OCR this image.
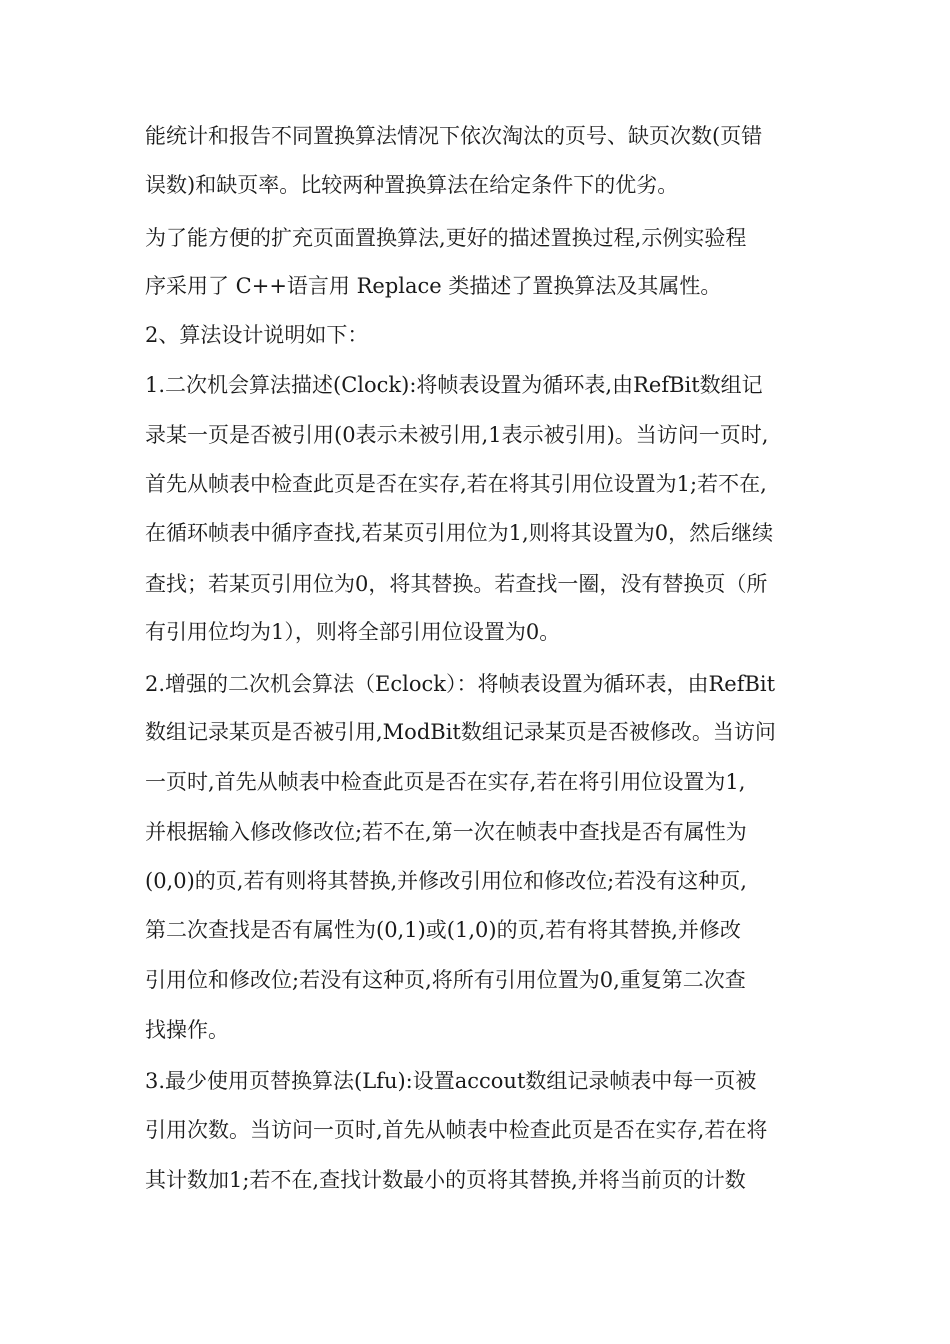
能统计和报告不同置换算法情况下依次淘汰的页号、缺页次数(页错
误数)和缺页率。比较两种置换算法在给定条件下的优劣。
为了能方便的扩充页面置换算法,更好的描述置换过程,示例实验程
序采用了 C++语言用 Replace 类描述了置换算法及其属性。
2、算法设计说明如下：
1.二次机会算法描述(Clock):将帧表设置为循环表,由RefBit数组记
录某一页是否被引用(0表示未被引用,1表示被引用)。当访问一页时,
首先从帧表中检查此页是否在实存,若在将其引用位设置为1;若不在,
在循环帧表中循序查找,若某页引用位为1,则将其设置为0，然后继续
查找；若某页引用位为0，将其替换。若查找一圈，没有替换页（所
有引用位均为1），则将全部引用位设置为0。
2.增强的二次机会算法（Eclock）：将帧表设置为循环表，由RefBit
数组记录某页是否被引用,ModBit数组记录某页是否被修改。当访问
一页时,首先从帧表中检查此页是否在实存,若在将引用位设置为1,
并根据输入修改修改位;若不在,第一次在帧表中查找是否有属性为
(0,0)的页,若有则将其替换,并修改引用位和修改位;若没有这种页,
第二次查找是否有属性为(0,1)或(1,0)的页,若有将其替换,并修改
引用位和修改位;若没有这种页,将所有引用位置为0,重复第二次查
找操作。
3.最少使用页替换算法(Lfu):设置accout数组记录帧表中每一页被
引用次数。当访问一页时,首先从帧表中检查此页是否在实存,若在将
其计数加1;若不在,查找计数最小的页将其替换,并将当前页的计数
